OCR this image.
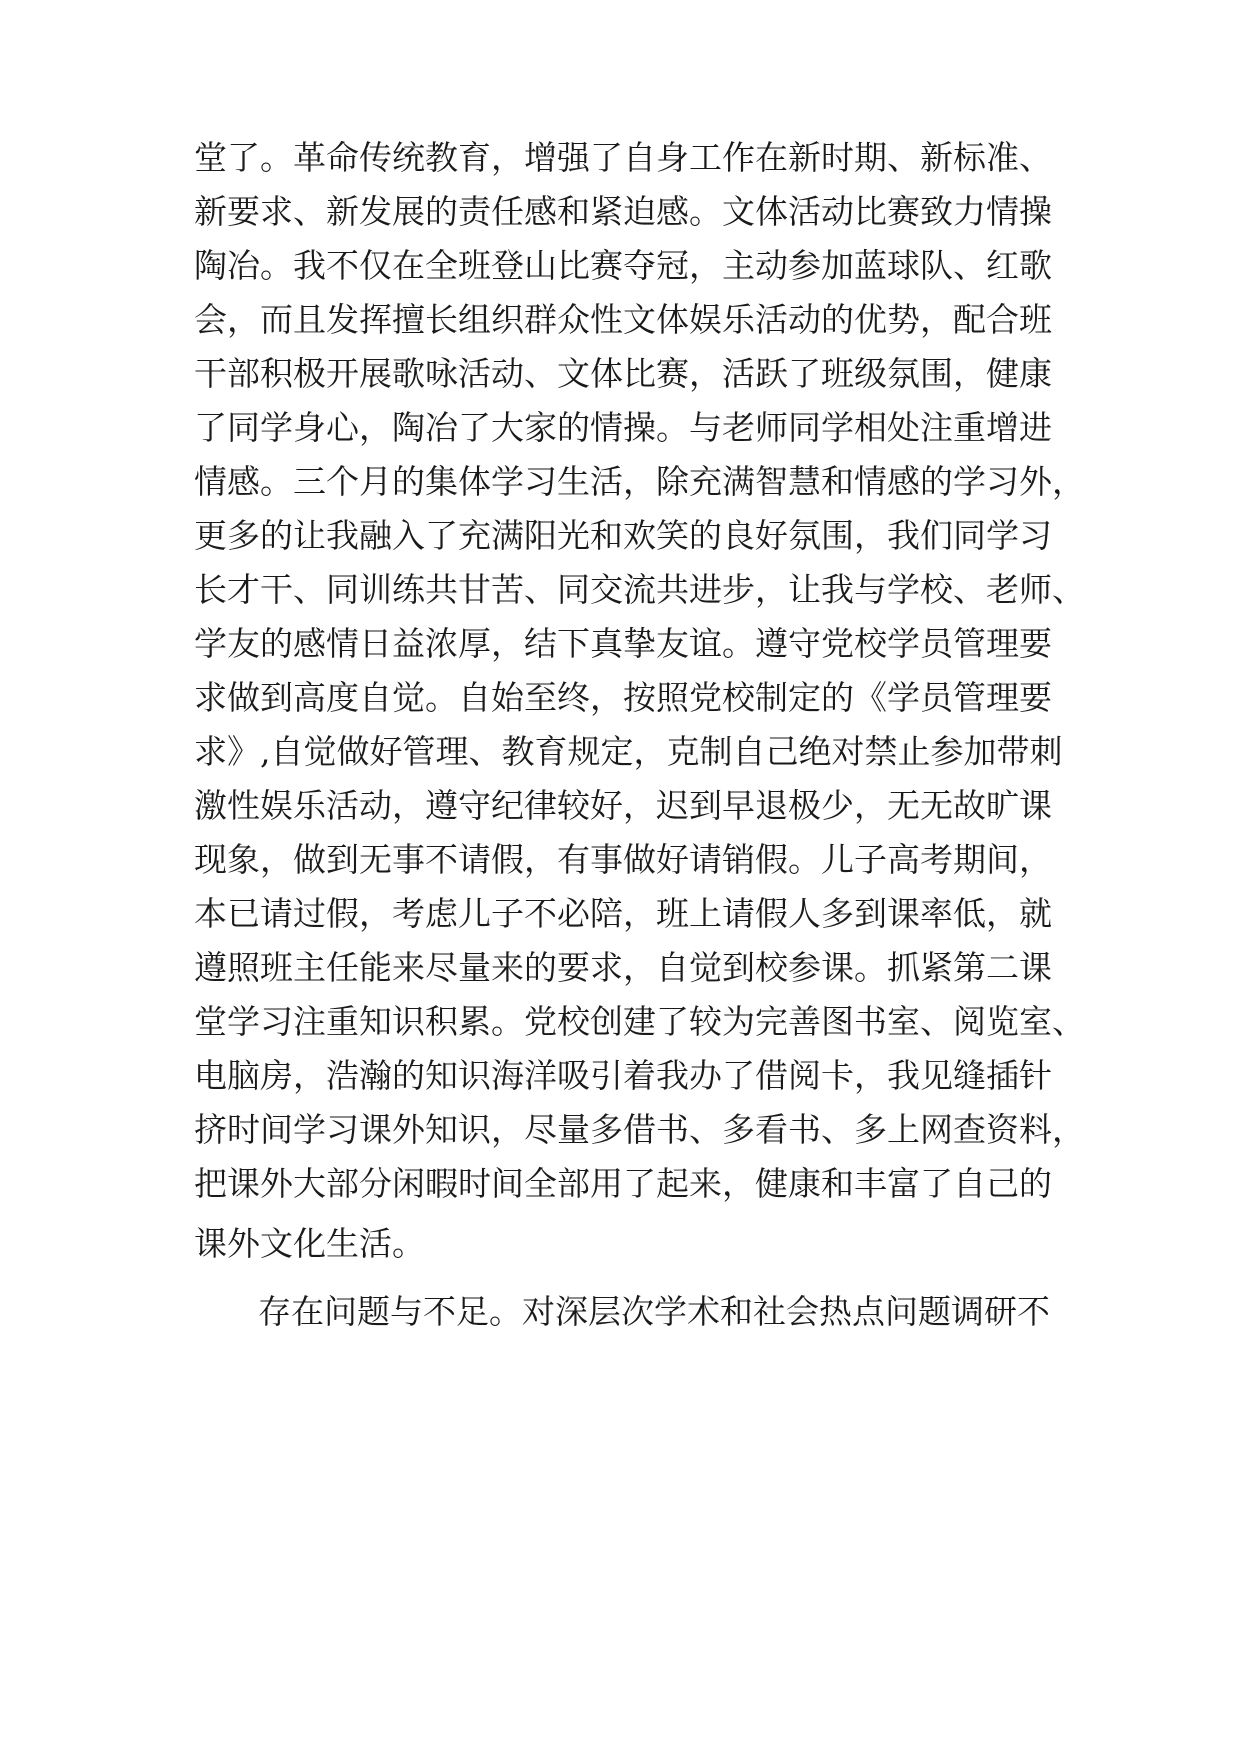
堂了。革命传统教育，增强了自身工作在新时期、新标准、
新要求、新发展的责任感和紧迫感。文体活动比赛致力情操
陶冶。我不仅在全班登山比赛夺冠，主动参加蓝球队、红歌
会，而且发挥擅长组织群众性文体娱乐活动的优势，配合班
干部积极开展歌咏活动、文体比赛，活跃了班级氛围，健康
了同学身心，陶冶了大家的情操。与老师同学相处注重增进
情感。三个月的集体学习生活，除充满智慧和情感的学习外，
更多的让我融入了充满阳光和欢笑的良好氛围，我们同学习
长才干、同训练共甘苦、同交流共进步，让我与学校、老师、
学友的感情日益浓厚，结下真挚友谊。遵守党校学员管理要
求做到高度自觉。自始至终，按照党校制定的《学员管理要
求》,自觉做好管理、教育规定，克制自己绝对禁止参加带刺
激性娱乐活动，遵守纪律较好，迟到早退极少，无无故旷课
现象，做到无事不请假，有事做好请销假。儿子高考期间，
本已请过假，考虑儿子不必陪，班上请假人多到课率低，就
遵照班主任能来尽量来的要求，自觉到校参课。抓紧第二课
堂学习注重知识积累。党校创建了较为完善图书室、阅览室、
电脑房，浩瀚的知识海洋吸引着我办了借阅卡，我见缝插针
挤时间学习课外知识，尽量多借书、多看书、多上网查资料，
把课外大部分闲暇时间全部用了起来，健康和丰富了自己的
课外文化生活。
存在问题与不足。对深层次学术和社会热点问题调研不
